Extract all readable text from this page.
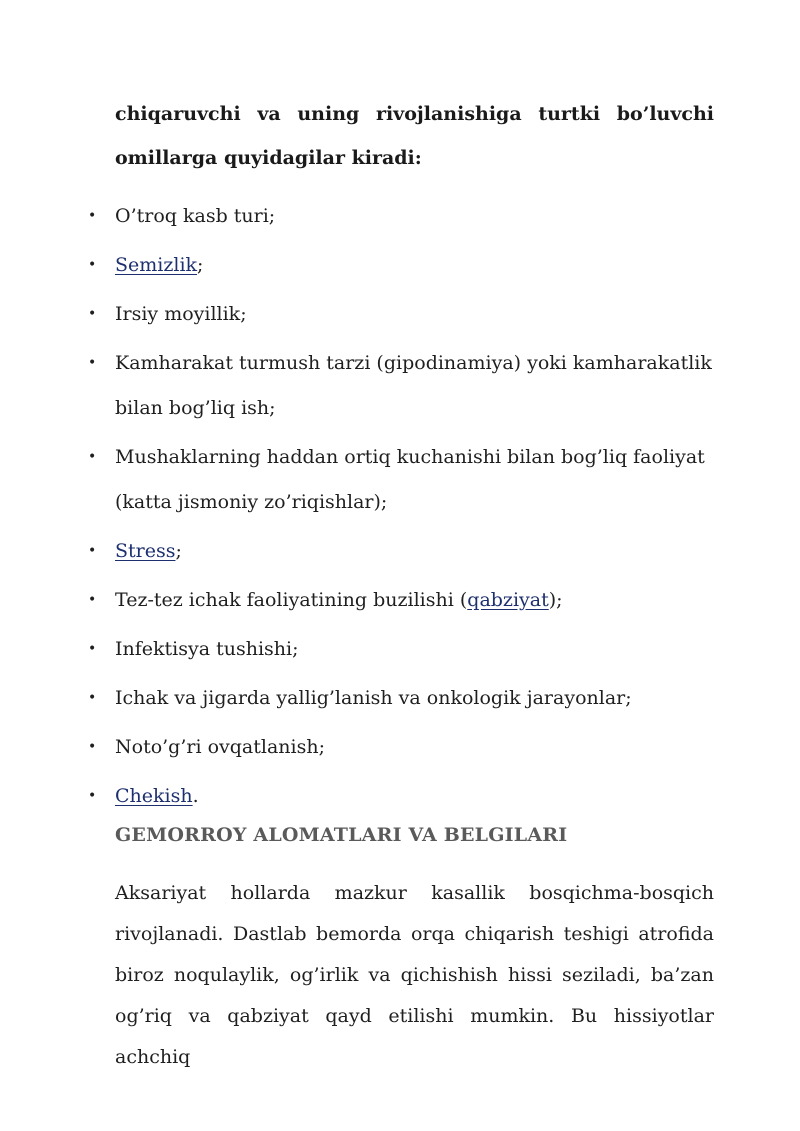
chiqaruvchi va uning rivojlanishiga turtki bo’luvchi
omillarga quyidagilar kiradi:
• O’troq kasb turi;
• Semizlik;
• Irsiy moyillik;
• Kamharakat turmush tarzi (gipodinamiya) yoki kamharakatlik bilan bog’liq ish;
• Mushaklarning haddan ortiq kuchanishi bilan bog’liq faoliyat (katta jismoniy zo’riqishlar);
• Stress;
• Tez-tez ichak faoliyatining buzilishi (qabziyat);
• Infektisya tushishi;
• Ichak va jigarda yallig’lanish va onkologik jarayonlar;
• Noto’g’ri ovqatlanish;
• Chekish.
GEMORROY ALOMATLARI VA BELGILARI
Aksariyat hollarda mazkur kasallik bosqichma-bosqich rivojlanadi. Dastlab bemorda orqa chiqarish teshigi atrofida biroz noqulaylik, og’irlik va qichishish hissi seziladi, ba’zan og’riq va qabziyat qayd etilishi mumkin. Bu hissiyotlar achchiq
